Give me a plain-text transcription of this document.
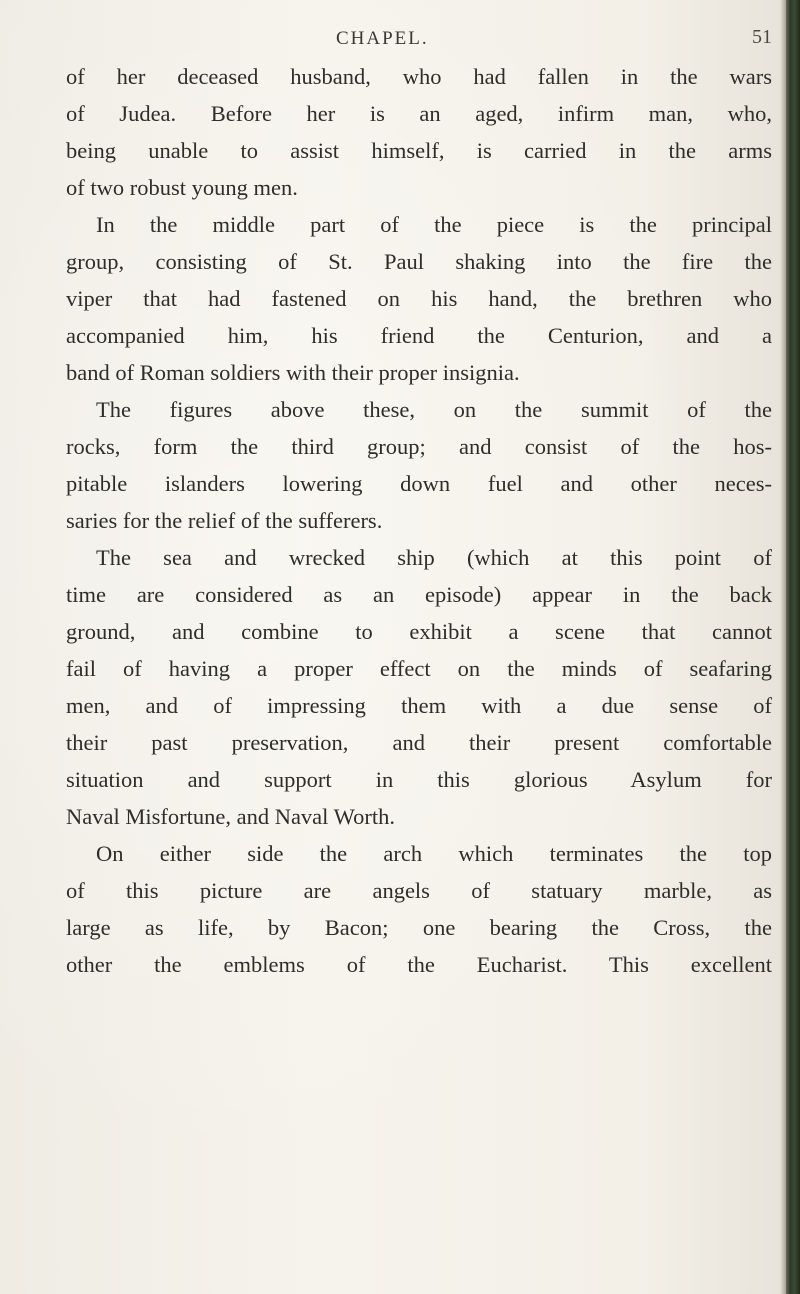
CHAPEL.	51
of her deceased husband, who had fallen in the wars
of Judea. Before her is an aged, infirm man, who,
being unable to assist himself, is carried in the arms
of two robust young men.
In the middle part of the piece is the principal
group, consisting of St. Paul shaking into the fire the
viper that had fastened on his hand, the brethren who
accompanied him, his friend the Centurion, and a
band of Roman soldiers with their proper insignia.
The figures above these, on the summit of the
rocks, form the third group; and consist of the hos-
pitable islanders lowering down fuel and other neces-
saries for the relief of the sufferers.
The sea and wrecked ship (which at this point of
time are considered as an episode) appear in the back
ground, and combine to exhibit a scene that cannot
fail of having a proper effect on the minds of seafaring
men, and of impressing them with a due sense of
their past preservation, and their present comfortable
situation and support in this glorious Asylum for
Naval Misfortune, and Naval Worth.
On either side the arch which terminates the top
of this picture are angels of statuary marble, as
large as life, by Bacon; one bearing the Cross, the
other the emblems of the Eucharist. This excellent
